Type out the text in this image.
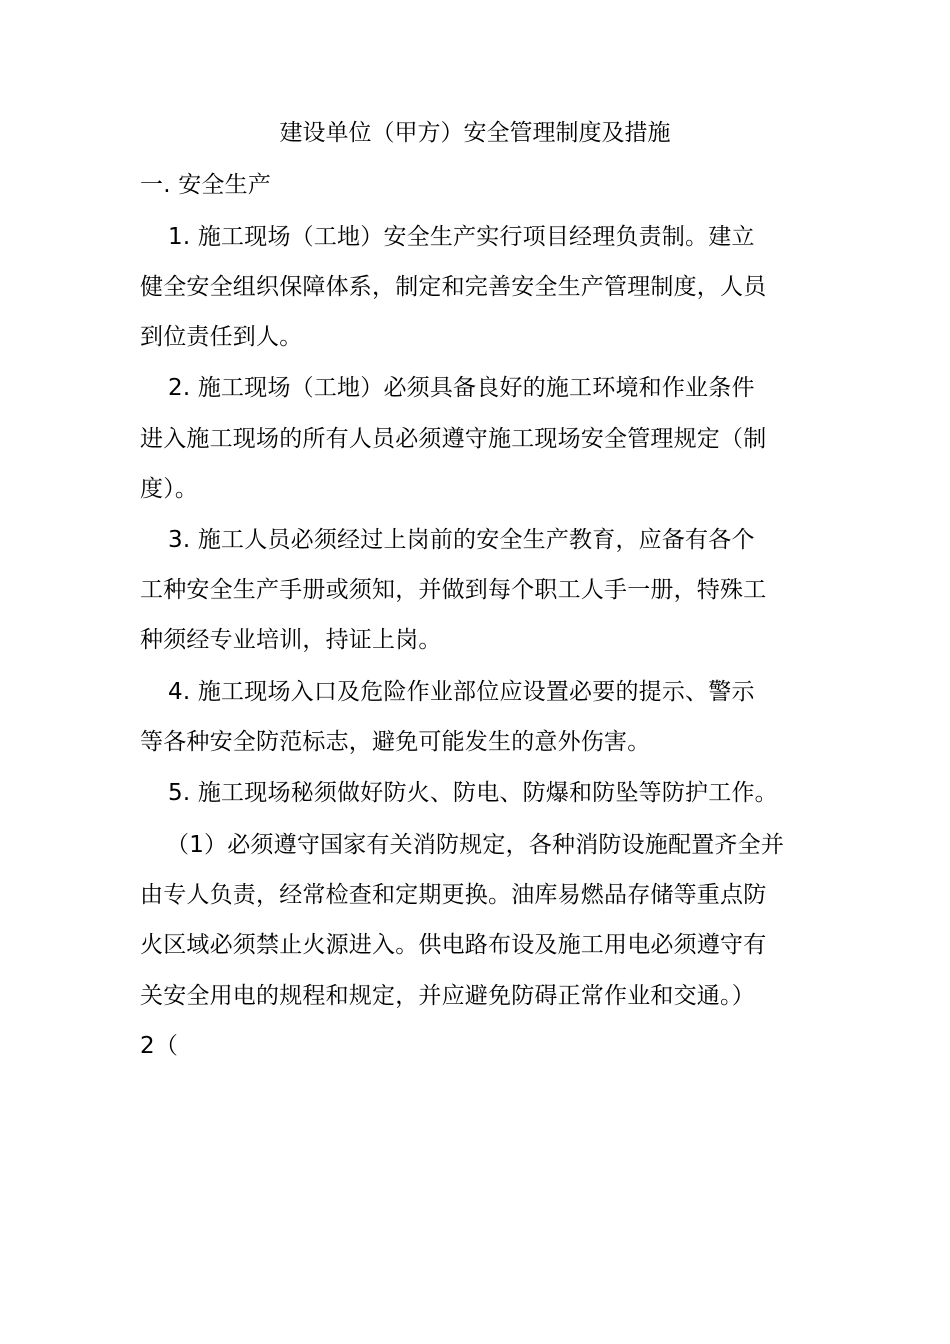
建设单位（甲方）安全管理制度及措施
一. 安全生产
1. 施工现场（工地）安全生产实行项目经理负责制。建立
健全安全组织保障体系，制定和完善安全生产管理制度，人员
到位责任到人。
2. 施工现场（工地）必须具备良好的施工环境和作业条件
进入施工现场的所有人员必须遵守施工现场安全管理规定（制
度）。
3. 施工人员必须经过上岗前的安全生产教育，应备有各个
工种安全生产手册或须知，并做到每个职工人手一册，特殊工
种须经专业培训，持证上岗。
4. 施工现场入口及危险作业部位应设置必要的提示、警示
等各种安全防范标志，避免可能发生的意外伤害。
5. 施工现场秘须做好防火、防电、防爆和防坠等防护工作。
（1）必须遵守国家有关消防规定，各种消防设施配置齐全并
由专人负责，经常检查和定期更换。油库易燃品存储等重点防
火区域必须禁止火源进入。供电路布设及施工用电必须遵守有
关安全用电的规程和规定，并应避免防碍正常作业和交通。）
2（
